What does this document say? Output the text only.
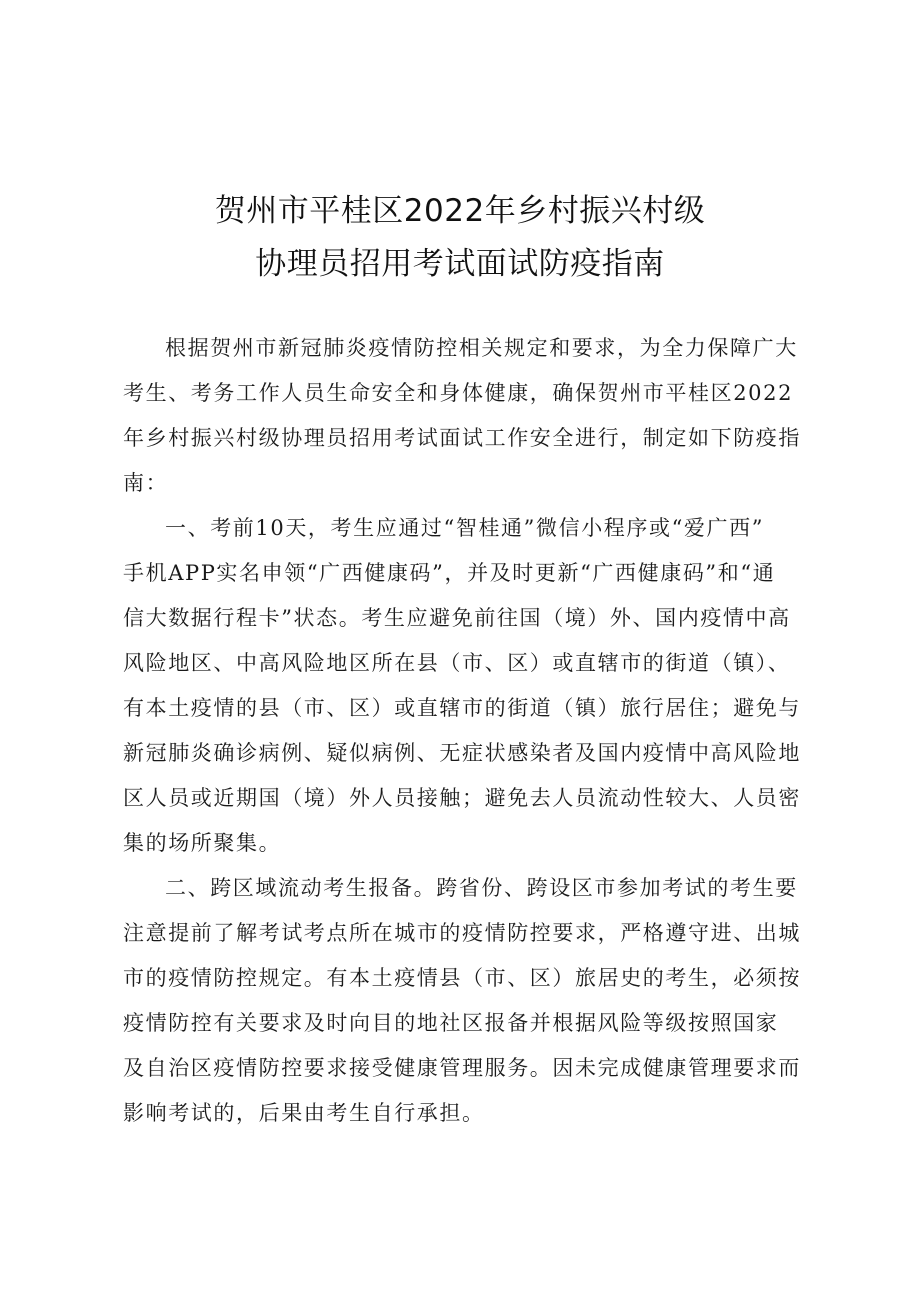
贺州市平桂区2022年乡村振兴村级
协理员招用考试面试防疫指南

根据贺州市新冠肺炎疫情防控相关规定和要求，为全力保障广大
考生、考务工作人员生命安全和身体健康，确保贺州市平桂区2022
年乡村振兴村级协理员招用考试面试工作安全进行，制定如下防疫指
南：

一、考前10天，考生应通过“智桂通”微信小程序或“爱广西”
手机APP实名申领“广西健康码”，并及时更新“广西健康码”和“通
信大数据行程卡”状态。考生应避免前往国（境）外、国内疫情中高
风险地区、中高风险地区所在县（市、区）或直辖市的街道（镇）、
有本土疫情的县（市、区）或直辖市的街道（镇）旅行居住；避免与
新冠肺炎确诊病例、疑似病例、无症状感染者及国内疫情中高风险地
区人员或近期国（境）外人员接触；避免去人员流动性较大、人员密
集的场所聚集。

二、跨区域流动考生报备。跨省份、跨设区市参加考试的考生要
注意提前了解考试考点所在城市的疫情防控要求，严格遵守进、出城
市的疫情防控规定。有本土疫情县（市、区）旅居史的考生，必须按
疫情防控有关要求及时向目的地社区报备并根据风险等级按照国家
及自治区疫情防控要求接受健康管理服务。因未完成健康管理要求而
影响考试的，后果由考生自行承担。
